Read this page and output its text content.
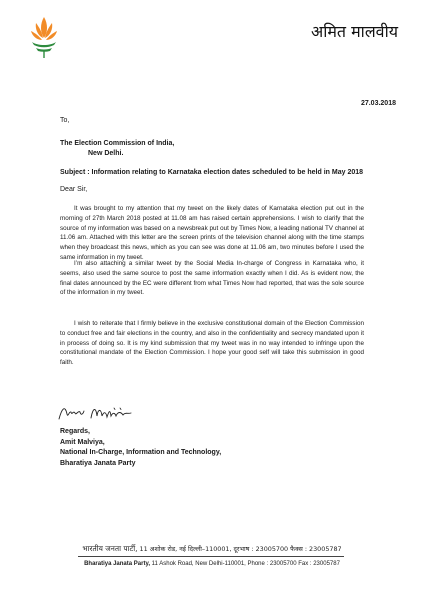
अमित मालवीय
27.03.2018
To,
The Election Commission of India,
New Delhi.
Subject : Information relating to Karnataka election dates scheduled to be held in May 2018
Dear Sir,
It was brought to my attention that my tweet on the likely dates of Karnataka election put out in the morning of 27th March 2018 posted at 11.08 am has raised certain apprehensions. I wish to clarify that the source of my information was based on a newsbreak put out by Times Now, a leading national TV channel at 11.06 am. Attached with this letter are the screen prints of the television channel along with the time stamps when they broadcast this news, which as you can see was done at 11.06 am, two minutes before I used the same information in my tweet.
I’m also attaching a similar tweet by the Social Media In-charge of Congress in Karnataka who, it seems, also used the same source to post the same information exactly when I did. As is evident now, the final dates announced by the EC were different from what Times Now had reported, that was the sole source of the information in my tweet.
I wish to reiterate that I firmly believe in the exclusive constitutional domain of the Election Commission to conduct free and fair elections in the country, and also in the confidentiality and secrecy mandated upon it in process of doing so. It is my kind submission that my tweet was in no way intended to infringe upon the constitutional mandate of the Election Commission. I hope your good self will take this submission in good faith.
Regards,
Amit Malviya,
National In-Charge, Information and Technology,
Bharatiya Janata Party
भारतीय जनता पार्टी, 11 अशोक रोड, नई दिल्ली–110001, दूरभाष : 23005700 फैक्स : 23005787
Bharatiya Janata Party, 11 Ashok Road, New Delhi-110001, Phone : 23005700 Fax : 23005787
